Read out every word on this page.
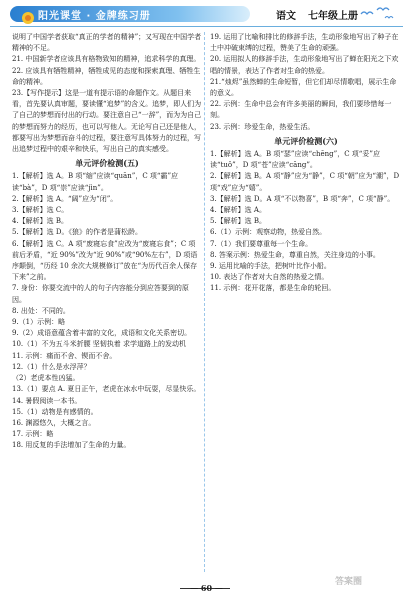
阳光课堂 · 金牌练习册	语文 七年级上册

说明了中国学者获取“真正的学者的精神”；又写现在中国学者精神的不足。

21. 中国新学者应该具有格物致知的精神，追求科学的真理。

22. 应该具有牺牲精神，牺牲成见的态度和探索真理、牺牲生命的精神。

23.【写作提示】这是一道有提示语的命题作文。从题目来看，首先要认真审题，要读懂“追梦”的含义。追梦，即人们为了自己的梦想而付出的行动。要注意自己“一辞”，而为为自己的梦想而努力的经历，也可以写他人。无论写自己还是他人，都要写出为梦想而奋斗的过程，要注意写具体努力的过程，写出追梦过程中的艰辛和快乐，写出自己的真实感受。

单元评价检测(五)

1.【解析】选 A。B 项“缩”应读“quān”，C 项“霸”应读“bà”，D 项“崇”应读“jìn”。

2.【解析】选 A。“阔”应为“闭”。

3.【解析】选 C。

4.【解析】选 B。

5.【解析】选 D。《狼》的作者是蒲松龄。

6.【解析】选 C。A 项“废寝忘食”应改为“废寝忘食”；C 项前后矛盾，“近 90%”改为“近 90%”或“90%左右”，D 项语序颠倒，“历经 10 余次大规模修订”放在“为历代百余人保存下来”之前。

7. 身份：你要交流中的人的句子内容能分到应答要到的原因。

8. 出处：不同的。

9.（1）示例：略

9.（2）成语意蕴含着丰富的文化，成语和文化关系密切。

10.（1）不为五斗米折腰 坚韧执着 求学道路上的发动机

11. 示例：痛而不舍、锲而不舍。

12.（1）什么是水浮萍？

（2）老虎本性凶猛。

13.（1）要点 A. 夏日正午，老虎在冰水中玩耍，尽显快乐。

14. 暑假阅读一本书。

15.（1）动物是有感情的。

16. 渊源悠久，大概之言。

17. 示例：略

18. 用反复的手法增加了生命的力量。

19. 运用了比喻和排比的修辞手法，生动形象地写出了种子在土中冲破束缚的过程，赞美了生命的顽强。

20. 运用拟人的修辞手法，生动形象地写出了蝉在阳光之下欢唱的情景，表达了作者对生命的热爱。

21.“烛烬”虽然蝉的生命短暂，但它们却尽情歌唱，展示生命的意义。

22. 示例：生命中总会有许多美丽的瞬间，我们要珍惜每一刻。

23. 示例：珍爱生命，热爱生活。

单元评价检测(六)

1.【解析】选 A。B 项“瑟”应读“chēng”，C 项“妥”应读“tuǒ”，D 项“苍”应读“cāng”。

2.【解析】选 B。A 项“静”应为“静”，C 项“朝”应为“潮”，D 项“戏”应为“嬉”。

3.【解析】选 D。A 项“不以物喜”，B 项“奔”，C 项“静”。

4.【解析】选 A。

5.【解析】选 B。

6.（1）示例：观察动物，热爱自然。

7.（1）我们要尊重每一个生命。

8. 答案示例：热爱生命，尊重自然，关注身边的小事。

9. 运用比喻的手法，把树叶比作小船。

10. 表达了作者对大自然的热爱之情。

11. 示例：花开花落，都是生命的轮回。

— 60 —
答案圈
